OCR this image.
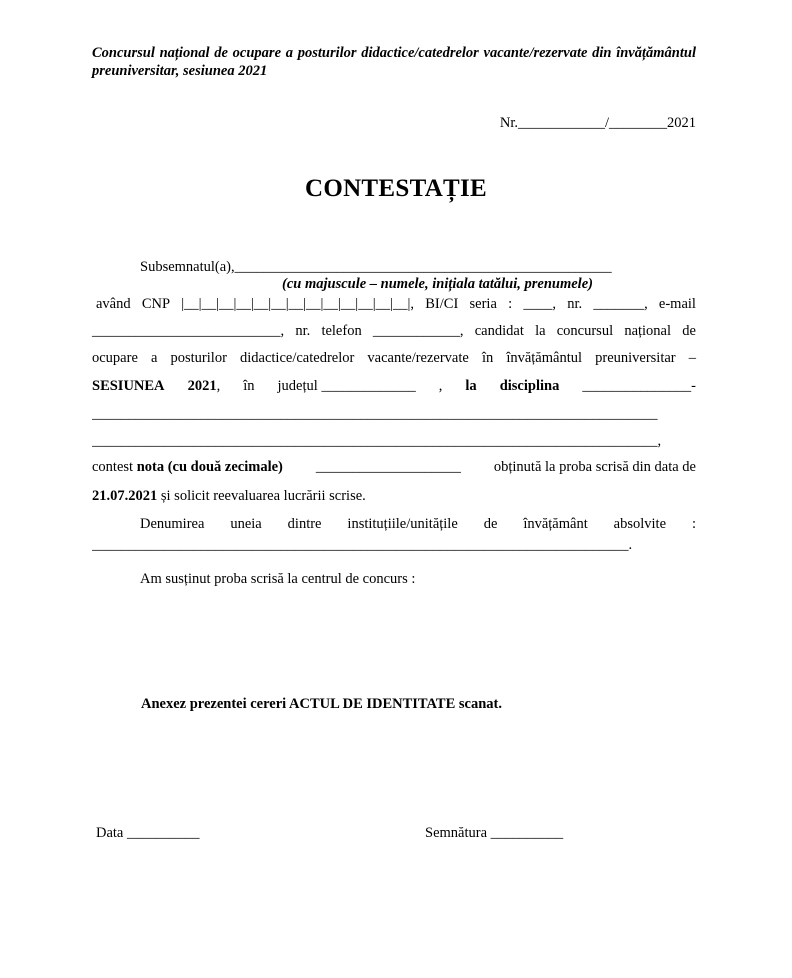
Concursul național de ocupare a posturilor didactice/catedrelor vacante/rezervate din învățământul preuniversitar, sesiunea 2021
Nr.____________/________2021
CONTESTAȚIE
Subsemnatul(a),____________________________________________________
(cu majuscule – numele, inițiala tatălui, prenumele)
având CNP |__|__|__|__|__|__|__|__|__|__|__|__|__|, BI/CI seria : ____, nr. _______, e-mail
__________________________, nr. telefon ____________, candidat la concursul național de
ocupare a posturilor didactice/catedrelor vacante/rezervate în învățământul preuniversitar –
SESIUNEA 2021, în județul _____________ , la disciplina _______________-
______________________________________________________________________________
______________________________________________________________________________,
contest nota (cu două zecimale) ____________________ obținută la proba scrisă din data de
21.07.2021 și solicit reevaluarea lucrării scrise.
Denumirea uneia dintre instituțiile/unitățile de învățământ absolvite :
__________________________________________________________________________.
Am susținut proba scrisă la centrul de concurs :
Anexez prezentei cereri ACTUL DE IDENTITATE scanat.
Data __________	Semnătura __________
